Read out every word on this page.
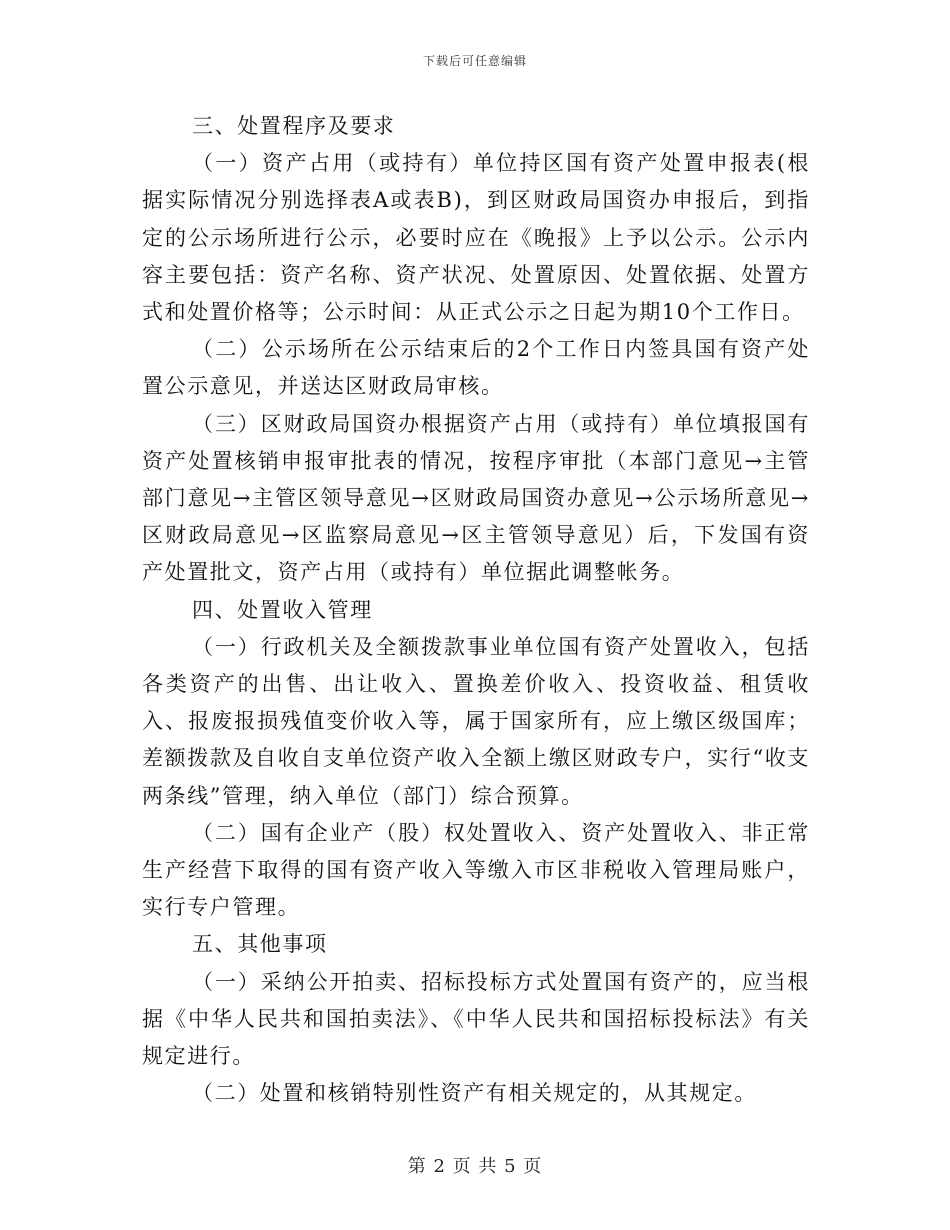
下载后可任意编辑

三、处置程序及要求

（一）资产占用（或持有）单位持区国有资产处置申报表(根据实际情况分别选择表A或表B)，到区财政局国资办申报后，到指定的公示场所进行公示，必要时应在《晚报》上予以公示。公示内容主要包括：资产名称、资产状况、处置原因、处置依据、处置方式和处置价格等；公示时间：从正式公示之日起为期10个工作日。

（二）公示场所在公示结束后的2个工作日内签具国有资产处置公示意见，并送达区财政局审核。

（三）区财政局国资办根据资产占用（或持有）单位填报国有资产处置核销申报审批表的情况，按程序审批（本部门意见→主管部门意见→主管区领导意见→区财政局国资办意见→公示场所意见→区财政局意见→区监察局意见→区主管领导意见）后，下发国有资产处置批文，资产占用（或持有）单位据此调整帐务。

四、处置收入管理

（一）行政机关及全额拨款事业单位国有资产处置收入，包括各类资产的出售、出让收入、置换差价收入、投资收益、租赁收入、报废报损残值变价收入等，属于国家所有，应上缴区级国库；差额拨款及自收自支单位资产收入全额上缴区财政专户，实行“收支两条线”管理，纳入单位（部门）综合预算。

（二）国有企业产（股）权处置收入、资产处置收入、非正常生产经营下取得的国有资产收入等缴入市区非税收入管理局账户，实行专户管理。

五、其他事项

（一）采纳公开拍卖、招标投标方式处置国有资产的，应当根据《中华人民共和国拍卖法》、《中华人民共和国招标投标法》有关规定进行。

（二）处置和核销特别性资产有相关规定的，从其规定。

第 2 页 共 5 页
